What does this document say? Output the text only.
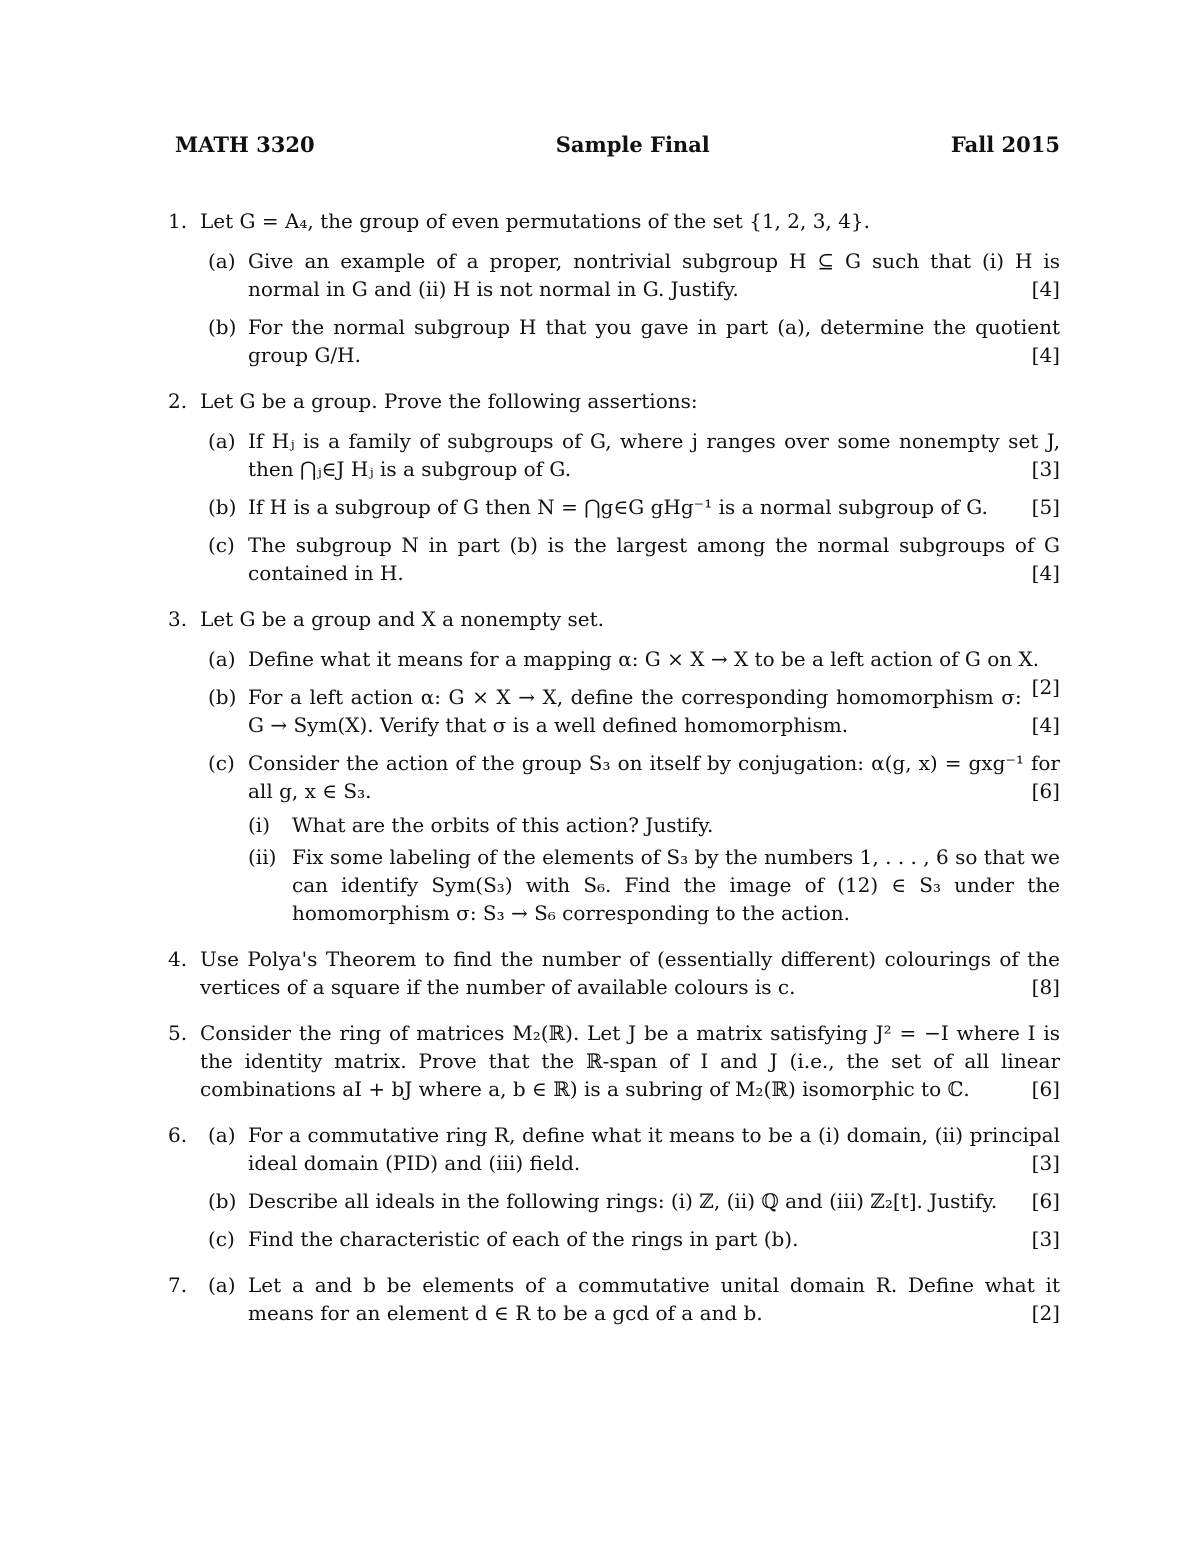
MATH 3320	Sample Final	Fall 2015
1. Let G = A₄, the group of even permutations of the set {1, 2, 3, 4}.
(a) Give an example of a proper, nontrivial subgroup H ⊆ G such that (i) H is normal in G and (ii) H is not normal in G. Justify.	[4]
(b) For the normal subgroup H that you gave in part (a), determine the quotient group G/H.	[4]
2. Let G be a group. Prove the following assertions:
(a) If Hⱼ is a family of subgroups of G, where j ranges over some nonempty set J, then ⋂ⱼ∈J Hⱼ is a subgroup of G.	[3]
(b) If H is a subgroup of G then N = ⋂g∈G gHg⁻¹ is a normal subgroup of G. [5]
(c) The subgroup N in part (b) is the largest among the normal subgroups of G contained in H.	[4]
3. Let G be a group and X a nonempty set.
(a) Define what it means for a mapping α: G × X → X to be a left action of G on X.
[2]
(b) For a left action α: G × X → X, define the corresponding homomorphism σ: G → Sym(X). Verify that σ is a well defined homomorphism.	[4]
(c) Consider the action of the group S₃ on itself by conjugation: α(g, x) = gxg⁻¹ for all g, x ∈ S₃.	[6]
(i) What are the orbits of this action? Justify.
(ii) Fix some labeling of the elements of S₃ by the numbers 1, . . . , 6 so that we can identify Sym(S₃) with S₆. Find the image of (12) ∈ S₃ under the homomorphism σ: S₃ → S₆ corresponding to the action.
4. Use Polya's Theorem to find the number of (essentially different) colourings of the vertices of a square if the number of available colours is c.	[8]
5. Consider the ring of matrices M₂(ℝ). Let J be a matrix satisfying J² = −I where I is the identity matrix. Prove that the ℝ-span of I and J (i.e., the set of all linear combinations aI + bJ where a, b ∈ ℝ) is a subring of M₂(ℝ) isomorphic to ℂ.	[6]
6. (a) For a commutative ring R, define what it means to be a (i) domain, (ii) principal ideal domain (PID) and (iii) field.	[3]
(b) Describe all ideals in the following rings: (i) ℤ, (ii) ℚ and (iii) ℤ₂[t]. Justify. [6]
(c) Find the characteristic of each of the rings in part (b).	[3]
7. (a) Let a and b be elements of a commutative unital domain R. Define what it means for an element d ∈ R to be a gcd of a and b.	[2]
